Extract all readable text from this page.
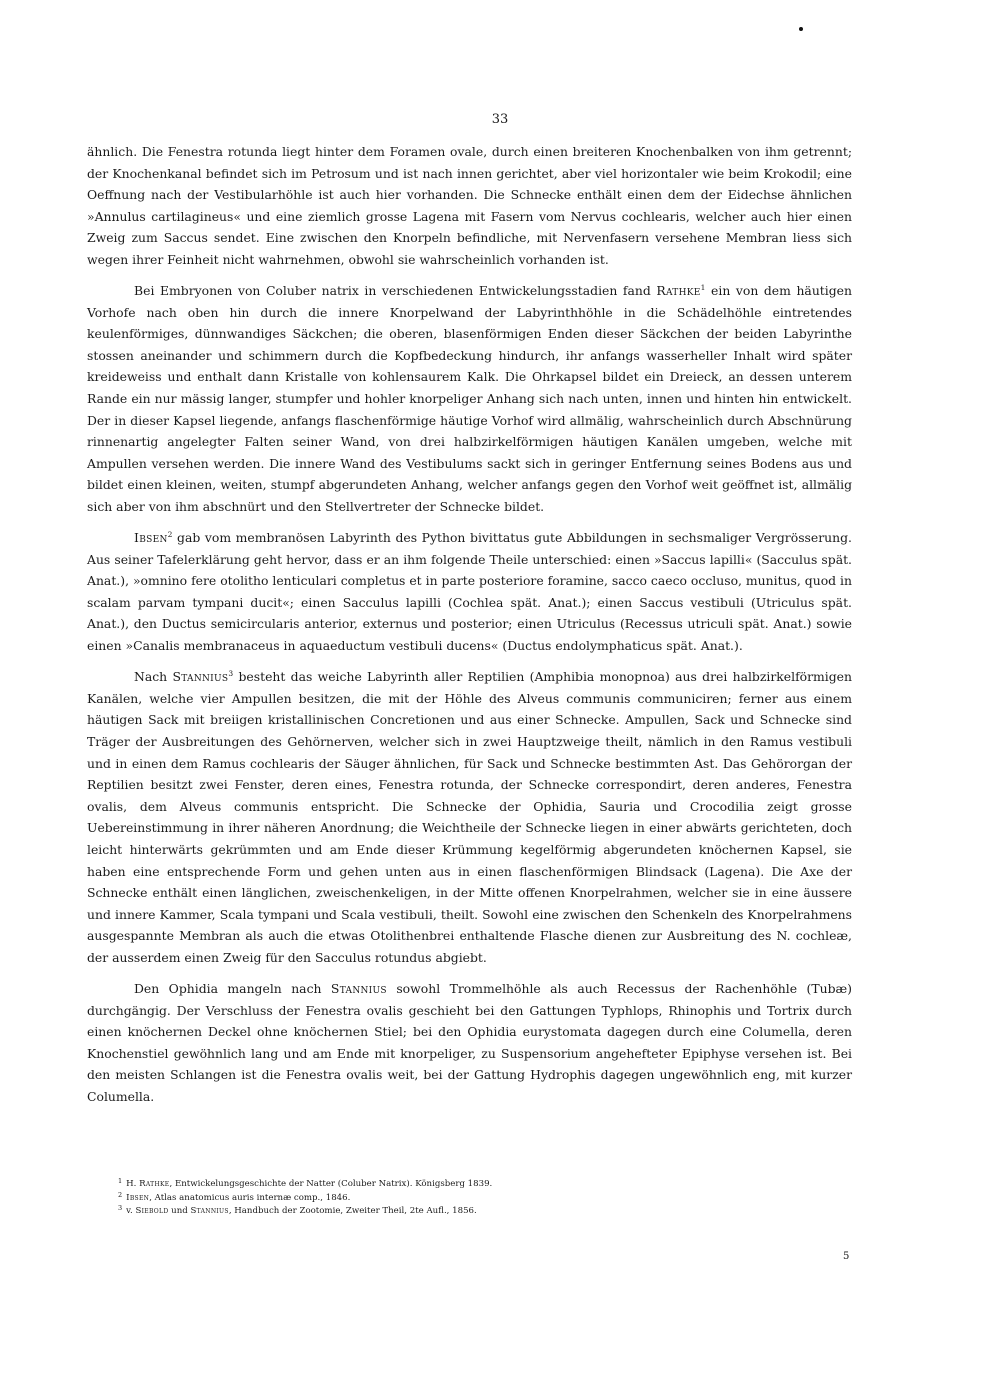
33

ähnlich. Die Fenestra rotunda liegt hinter dem Foramen ovale, durch einen breiteren Knochenbalken von ihm getrennt; der Knochenkanal befindet sich im Petrosum und ist nach innen gerichtet, aber viel horizontaler wie beim Krokodil; eine Oeffnung nach der Vestibularhöhle ist auch hier vorhanden. Die Schnecke enthält einen dem der Eidechse ähnlichen »Annulus cartilagineus« und eine ziemlich grosse Lagena mit Fasern vom Nervus cochlearis, welcher auch hier einen Zweig zum Saccus sendet. Eine zwischen den Knorpeln befindliche, mit Nervenfasern versehene Membran liess sich wegen ihrer Feinheit nicht wahrnehmen, obwohl sie wahrscheinlich vorhanden ist.

Bei Embryonen von Coluber natrix in verschiedenen Entwickelungsstadien fand Rathke$^1$ ein von dem häutigen Vorhofe nach oben hin durch die innere Knorpelwand der Labyrinthhöhle in die Schädelhöhle eintretendes keulenförmiges, dünnwandiges Säckchen; die oberen, blasenförmigen Enden dieser Säckchen der beiden Labyrinthe stossen aneinander und schimmern durch die Kopfbedeckung hindurch, ihr anfangs wasserheller Inhalt wird später kreideweiss und enthalt dann Kristalle von kohlensaurem Kalk. Die Ohrkapsel bildet ein Dreieck, an dessen unterem Rande ein nur mässig langer, stumpfer und hohler knorpeliger Anhang sich nach unten, innen und hinten hin entwickelt. Der in dieser Kapsel liegende, anfangs flaschenförmige häutige Vorhof wird allmälig, wahrscheinlich durch Abschnürung rinnenartig angelegter Falten seiner Wand, von drei halbzirkelförmigen häutigen Kanälen umgeben, welche mit Ampullen versehen werden. Die innere Wand des Vestibulums sackt sich in geringer Entfernung seines Bodens aus und bildet einen kleinen, weiten, stumpf abgerundeten Anhang, welcher anfangs gegen den Vorhof weit geöffnet ist, allmälig sich aber von ihm abschnürt und den Stellvertreter der Schnecke bildet.

Ibsen$^2$ gab vom membranösen Labyrinth des Python bivittatus gute Abbildungen in sechsmaliger Vergrösserung. Aus seiner Tafelerklärung geht hervor, dass er an ihm folgende Theile unterschied: einen »Saccus lapilli« (Sacculus spät. Anat.), »omnino fere otolitho lenticulari completus et in parte posteriore foramine, sacco caeco occluso, munitus, quod in scalam parvam tympani ducit«; einen Sacculus lapilli (Cochlea spät. Anat.); einen Saccus vestibuli (Utriculus spät. Anat.), den Ductus semicircularis anterior, externus und posterior; einen Utriculus (Recessus utriculi spät. Anat.) sowie einen »Canalis membranaceus in aquaeductum vestibuli ducens« (Ductus endolymphaticus spät. Anat.).

Nach Stannius$^3$ besteht das weiche Labyrinth aller Reptilien (Amphibia monopnoa) aus drei halbzirkelförmigen Kanälen, welche vier Ampullen besitzen, die mit der Höhle des Alveus communis communiciren; ferner aus einem häutigen Sack mit breiigen kristallinischen Concretionen und aus einer Schnecke. Ampullen, Sack und Schnecke sind Träger der Ausbreitungen des Gehörnerven, welcher sich in zwei Hauptzweige theilt, nämlich in den Ramus vestibuli und in einen dem Ramus cochlearis der Säuger ähnlichen, für Sack und Schnecke bestimmten Ast. Das Gehörorgan der Reptilien besitzt zwei Fenster, deren eines, Fenestra rotunda, der Schnecke correspondirt, deren anderes, Fenestra ovalis, dem Alveus communis entspricht. Die Schnecke der Ophidia, Sauria und Crocodilia zeigt grosse Uebereinstimmung in ihrer näheren Anordnung; die Weichtheile der Schnecke liegen in einer abwärts gerichteten, doch leicht hinterwärts gekrümmten und am Ende dieser Krümmung kegelförmig abgerundeten knöchernen Kapsel, sie haben eine entsprechende Form und gehen unten aus in einen flaschenförmigen Blindsack (Lagena). Die Axe der Schnecke enthält einen länglichen, zweischenkeligen, in der Mitte offenen Knorpelrahmen, welcher sie in eine äussere und innere Kammer, Scala tympani und Scala vestibuli, theilt. Sowohl eine zwischen den Schenkeln des Knorpelrahmens ausgespannte Membran als auch die etwas Otolithenbrei enthaltende Flasche dienen zur Ausbreitung des N. cochleæ, der ausserdem einen Zweig für den Sacculus rotundus abgiebt.

Den Ophidia mangeln nach Stannius sowohl Trommelhöhle als auch Recessus der Rachenhöhle (Tubæ) durchgängig. Der Verschluss der Fenestra ovalis geschieht bei den Gattungen Typhlops, Rhinophis und Tortrix durch einen knöchernen Deckel ohne knöchernen Stiel; bei den Ophidia eurystomata dagegen durch eine Columella, deren Knochenstiel gewöhnlich lang und am Ende mit knorpeliger, zu Suspensorium angehefteter Epiphyse versehen ist. Bei den meisten Schlangen ist die Fenestra ovalis weit, bei der Gattung Hydrophis dagegen ungewöhnlich eng, mit kurzer Columella.

$^1$ H. Rathke, Entwickelungsgeschichte der Natter (Coluber Natrix). Königsberg 1839.

$^2$ Ibsen, Atlas anatomicus auris internæ comp., 1846.

$^3$ v. Siebold und Stannius, Handbuch der Zootomie, Zweiter Theil, 2te Aufl., 1856.

5
